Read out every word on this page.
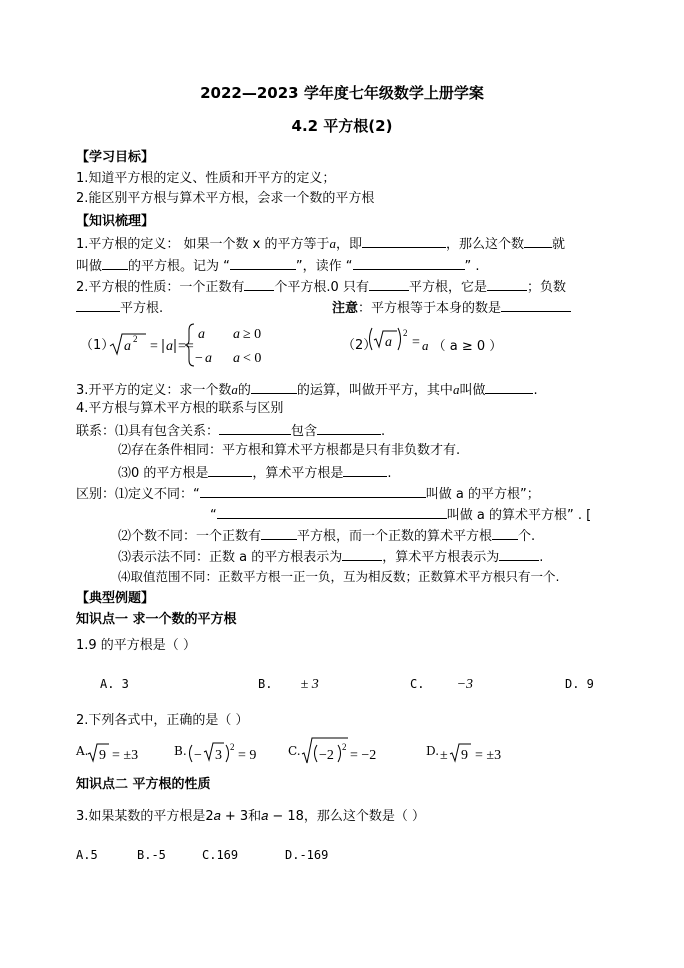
2022—2023 学年度七年级数学上册学案
4.2 平方根(2)
【学习目标】
1.知道平方根的定义、性质和开平方的定义；
2.能区别平方根与算术平方根，会求一个数的平方根
【知识梳理】
1.平方根的定义： 如果一个数 x 的平方等于a，即	，那么这个数 就
叫做 的平方根。记为 “	”，读作 “	” .
2.平方根的性质：一个正数有 个平方根.0 只有	平方根，它是	；负数
平方根.	注意：平方根等于本身的数是
（1） a 2 = a ==
a a ≥ 0
− a a < 0
（2） a
2
= a （ a ≥ 0 ）
3.开平方的定义：求一个数a的	的运算，叫做开平方，其中a叫做	.
4.平方根与算术平方根的联系与区别
联系：⑴具有包含关系：	包含	.
⑵存在条件相同：平方根和算术平方根都是只有非负数才有.
⑶0 的平方根是	，算术平方根是	.
区别：⑴定义不同：“	叫做 a 的平方根”；
“	叫做 a 的算术平方根” . [
⑵个数不同：一个正数有	平方根，而一个正数的算术平方根 个.
⑶表示法不同：正数 a 的平方根表示为	，算术平方根表示为	.
⑷取值范围不同：正数平方根一正一负，互为相反数；正数算术平方根只有一个.
【典型例题】
知识点一 求一个数的平方根
1.9 的平方根是（ ）
A. 3	B. ± 3	C. −3	D. 9
2.下列各式中，正确的是（ ）
A. 9 = ±3	B. − 3
2
= 9	C. −2
2
= −2	D. ± 9 = ±3
知识点二 平方根的性质
3.如果某数的平方根是2𝑎 + 3和𝑎 − 18，那么这个数是（ ）
A.5	B.-5	C.169	D.-169
